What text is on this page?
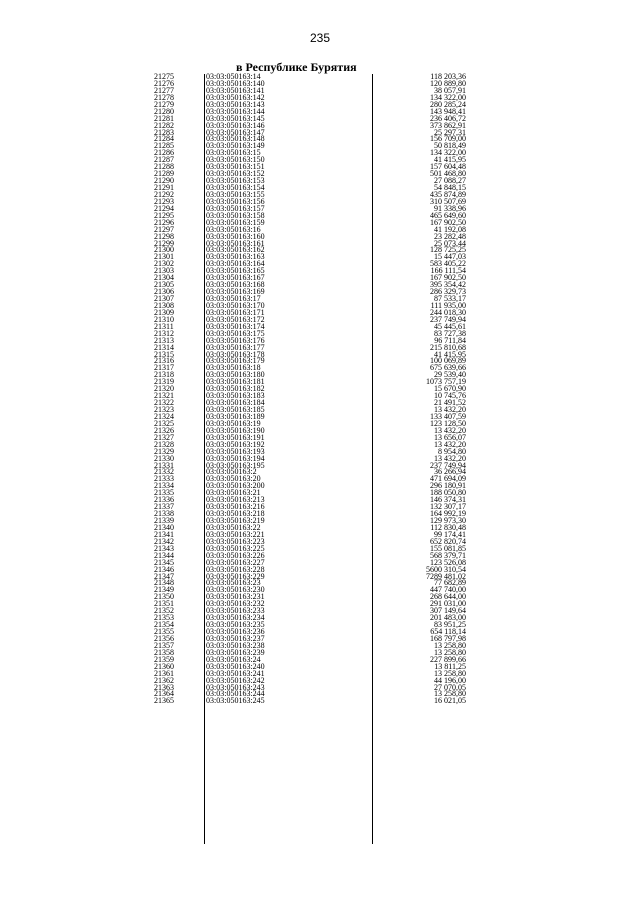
235
в Республике Бурятия
21275	03:03:050163:14	118 203,36
21276	03:03:050163:140	120 889,80
21277	03:03:050163:141	38 057,91
21278	03:03:050163:142	134 322,00
21279	03:03:050163:143	280 285,24
21280	03:03:050163:144	143 948,41
21281	03:03:050163:145	236 406,72
21282	03:03:050163:146	373 862,91
21283	03:03:050163:147	25 297,31
21284	03:03:050163:148	156 709,00
21285	03:03:050163:149	50 818,49
21286	03:03:050163:15	134 322,00
21287	03:03:050163:150	41 415,95
21288	03:03:050163:151	157 604,48
21289	03:03:050163:152	501 468,80
21290	03:03:050163:153	27 088,27
21291	03:03:050163:154	54 848,15
21292	03:03:050163:155	435 874,89
21293	03:03:050163:156	310 507,69
21294	03:03:050163:157	91 338,96
21295	03:03:050163:158	465 649,60
21296	03:03:050163:159	167 902,50
21297	03:03:050163:16	41 192,08
21298	03:03:050163:160	23 282,48
21299	03:03:050163:161	25 073,44
21300	03:03:050163:162	128 725,25
21301	03:03:050163:163	15 447,03
21302	03:03:050163:164	583 405,22
21303	03:03:050163:165	166 111,54
21304	03:03:050163:167	167 902,50
21305	03:03:050163:168	395 354,42
21306	03:03:050163:169	286 329,73
21307	03:03:050163:17	87 533,17
21308	03:03:050163:170	111 935,00
21309	03:03:050163:171	244 018,30
21310	03:03:050163:172	237 749,94
21311	03:03:050163:174	45 445,61
21312	03:03:050163:175	83 727,38
21313	03:03:050163:176	96 711,84
21314	03:03:050163:177	215 810,68
21315	03:03:050163:178	41 415,95
21316	03:03:050163:179	100 069,89
21317	03:03:050163:18	675 639,66
21318	03:03:050163:180	29 539,40
21319	03:03:050163:181	1073 757,19
21320	03:03:050163:182	15 670,90
21321	03:03:050163:183	10 745,76
21322	03:03:050163:184	21 491,52
21323	03:03:050163:185	13 432,20
21324	03:03:050163:189	133 407,59
21325	03:03:050163:19	123 128,50
21326	03:03:050163:190	13 432,20
21327	03:03:050163:191	13 656,07
21328	03:03:050163:192	13 432,20
21329	03:03:050163:193	8 954,80
21330	03:03:050163:194	13 432,20
21331	03:03:050163:195	237 749,94
21332	03:03:050163:2	36 266,94
21333	03:03:050163:20	471 694,09
21334	03:03:050163:200	296 180,91
21335	03:03:050163:21	188 050,80
21336	03:03:050163:213	146 374,31
21337	03:03:050163:216	132 307,17
21338	03:03:050163:218	164 992,19
21339	03:03:050163:219	129 973,30
21340	03:03:050163:22	112 830,48
21341	03:03:050163:221	99 174,41
21342	03:03:050163:223	652 820,74
21343	03:03:050163:225	155 081,85
21344	03:03:050163:226	568 379,71
21345	03:03:050163:227	123 526,08
21346	03:03:050163:228	5600 310,54
21347	03:03:050163:229	7289 481,02
21348	03:03:050163:23	77 682,89
21349	03:03:050163:230	447 740,00
21350	03:03:050163:231	268 644,00
21351	03:03:050163:232	291 031,00
21352	03:03:050163:233	307 149,64
21353	03:03:050163:234	201 483,00
21354	03:03:050163:235	83 951,25
21355	03:03:050163:236	654 118,14
21356	03:03:050163:237	168 797,98
21357	03:03:050163:238	13 258,80
21358	03:03:050163:239	13 258,80
21359	03:03:050163:24	227 899,66
21360	03:03:050163:240	13 811,25
21361	03:03:050163:241	13 258,80
21362	03:03:050163:242	44 196,00
21363	03:03:050163:243	27 070,05
21364	03:03:050163:244	13 258,80
21365	03:03:050163:245	16 021,05
